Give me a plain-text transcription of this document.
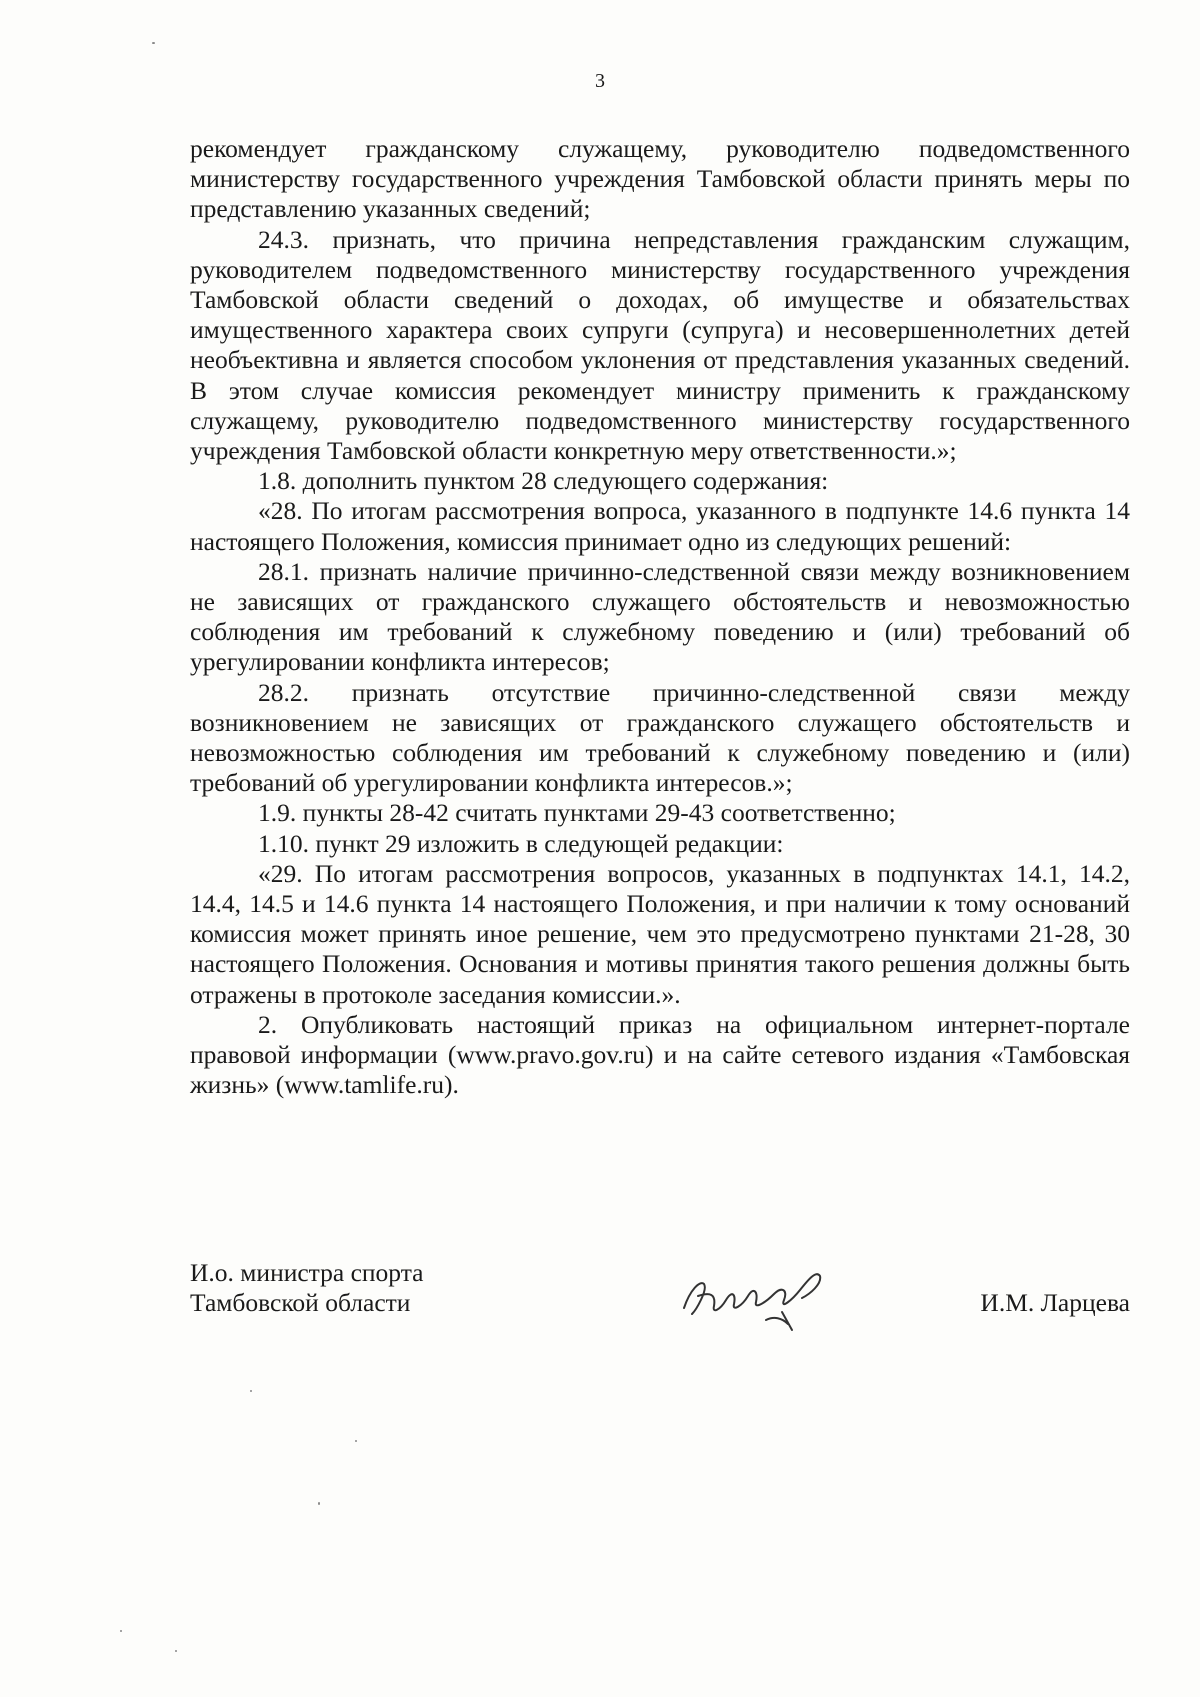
3

рекомендует гражданскому служащему, руководителю подведомственного министерству государственного учреждения Тамбовской области принять меры по представлению указанных сведений;

24.3. признать, что причина непредставления гражданским служащим, руководителем подведомственного министерству государственного учреждения Тамбовской области сведений о доходах, об имуществе и обязательствах имущественного характера своих супруги (супруга) и несовершеннолетних детей необъективна и является способом уклонения от представления указанных сведений. В этом случае комиссия рекомендует министру применить к гражданскому служащему, руководителю подведомственного министерству государственного учреждения Тамбовской области конкретную меру ответственности.»;

1.8. дополнить пунктом 28 следующего содержания:

«28. По итогам рассмотрения вопроса, указанного в подпункте 14.6 пункта 14 настоящего Положения, комиссия принимает одно из следующих решений:

28.1. признать наличие причинно-следственной связи между возникновением не зависящих от гражданского служащего обстоятельств и невозможностью соблюдения им требований к служебному поведению и (или) требований об урегулировании конфликта интересов;

28.2. признать отсутствие причинно-следственной связи между возникновением не зависящих от гражданского служащего обстоятельств и невозможностью соблюдения им требований к служебному поведению и (или) требований об урегулировании конфликта интересов.»;

1.9. пункты 28-42 считать пунктами 29-43 соответственно;

1.10. пункт 29 изложить в следующей редакции:

«29. По итогам рассмотрения вопросов, указанных в подпунктах 14.1, 14.2, 14.4, 14.5 и 14.6 пункта 14 настоящего Положения, и при наличии к тому оснований комиссия может принять иное решение, чем это предусмотрено пунктами 21-28, 30 настоящего Положения. Основания и мотивы принятия такого решения должны быть отражены в протоколе заседания комиссии.».

2. Опубликовать настоящий приказ на официальном интернет-портале правовой информации (www.pravo.gov.ru) и на сайте сетевого издания «Тамбовская жизнь» (www.tamlife.ru).

И.о. министра спорта
Тамбовской области	И.М. Ларцева
